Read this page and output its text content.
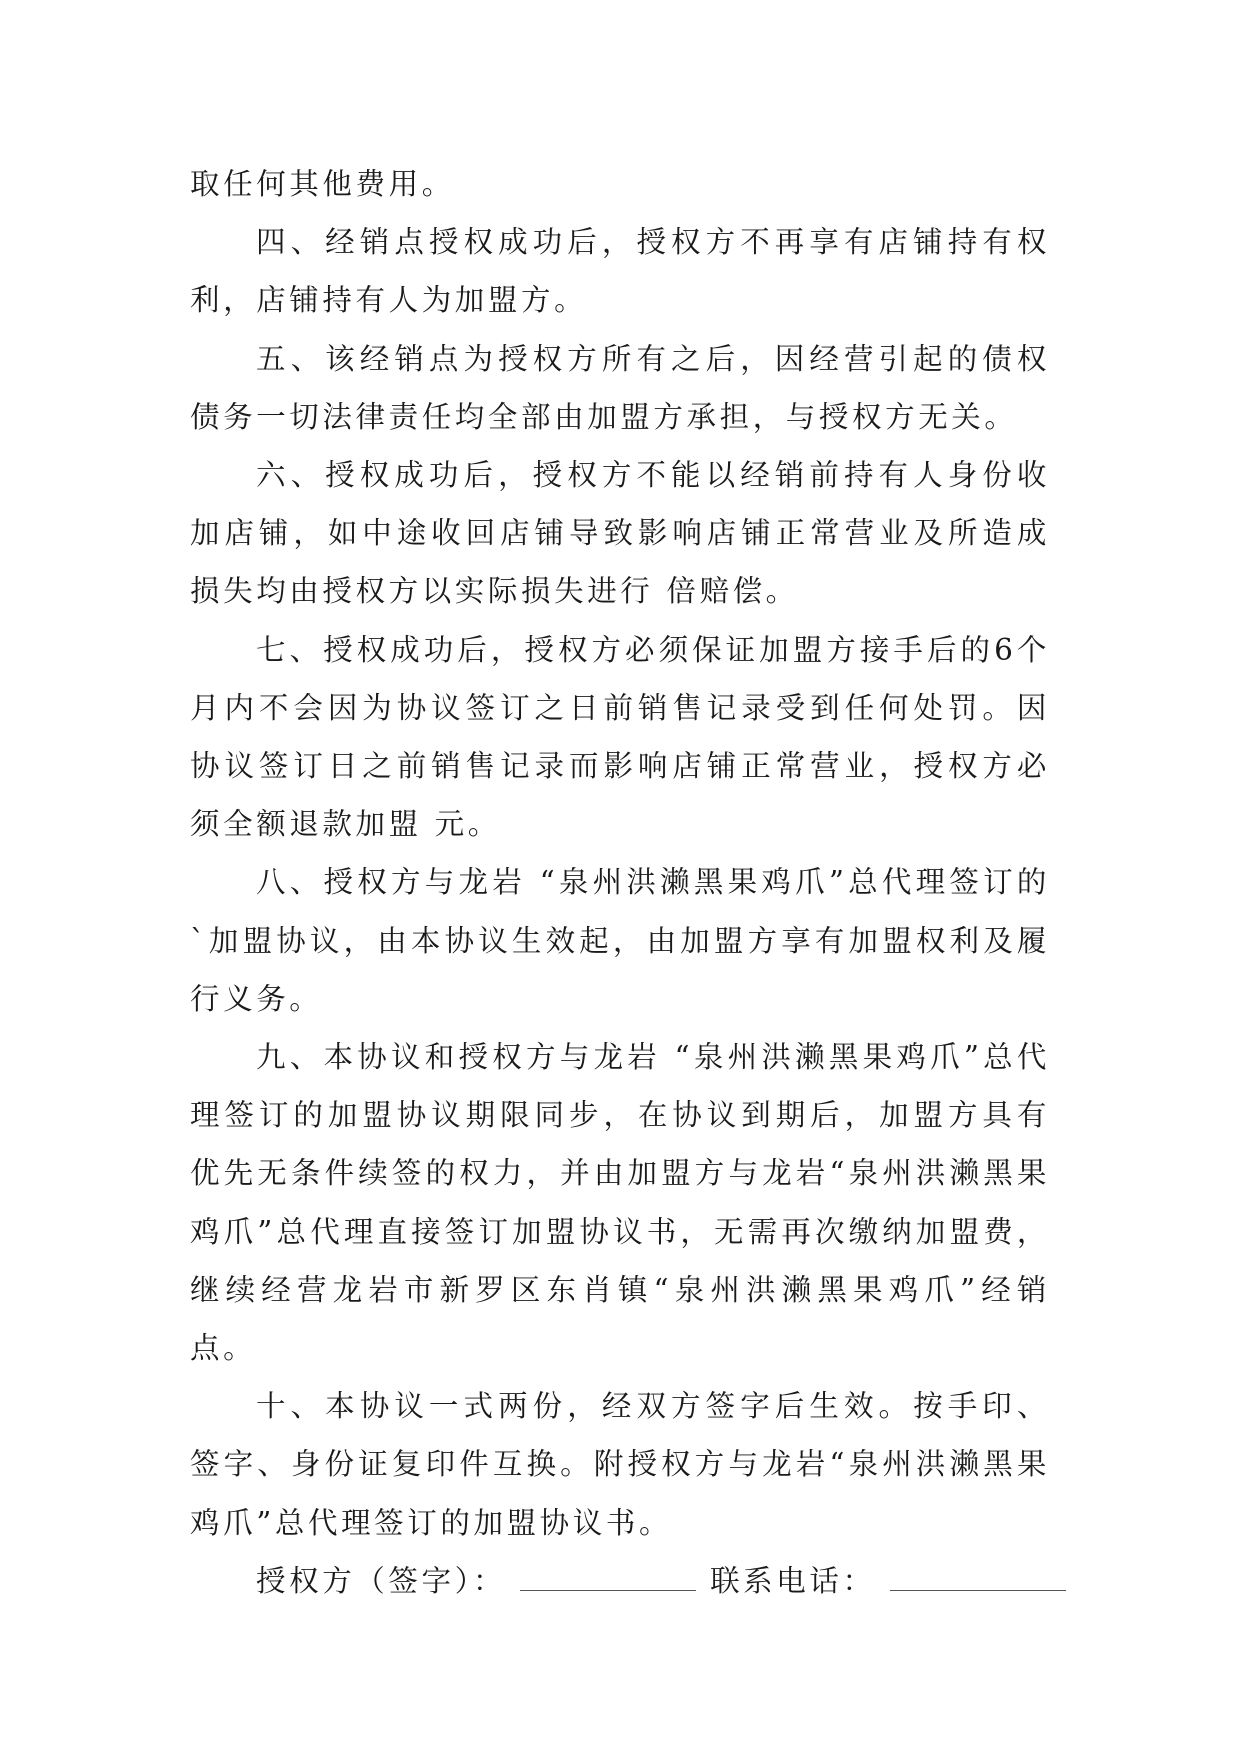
取任何其他费用。

四、经销点授权成功后，授权方不再享有店铺持有权利，店铺持有人为加盟方。

五、该经销点为授权方所有之后，因经营引起的债权债务一切法律责任均全部由加盟方承担，与授权方无关。

六、授权成功后，授权方不能以经销前持有人身份收加店铺，如中途收回店铺导致影响店铺正常营业及所造成损失均由授权方以实际损失进行 倍赔偿。

七、授权成功后，授权方必须保证加盟方接手后的6个月内不会因为协议签订之日前销售记录受到任何处罚。因协议签订日之前销售记录而影响店铺正常营业，授权方必须全额退款加盟 元。

八、授权方与龙岩 “泉州洪濑黑果鸡爪”总代理签订的`加盟协议，由本协议生效起，由加盟方享有加盟权利及履行义务。

九、本协议和授权方与龙岩 “泉州洪濑黑果鸡爪”总代理签订的加盟协议期限同步，在协议到期后，加盟方具有优先无条件续签的权力，并由加盟方与龙岩“泉州洪濑黑果鸡爪”总代理直接签订加盟协议书，无需再次缴纳加盟费，继续经营龙岩市新罗区东肖镇“泉州洪濑黑果鸡爪”经销点。

十、本协议一式两份，经双方签字后生效。按手印、签字、身份证复印件互换。附授权方与龙岩“泉州洪濑黑果鸡爪”总代理签订的加盟协议书。

授权方（签字）：	联系电话：
